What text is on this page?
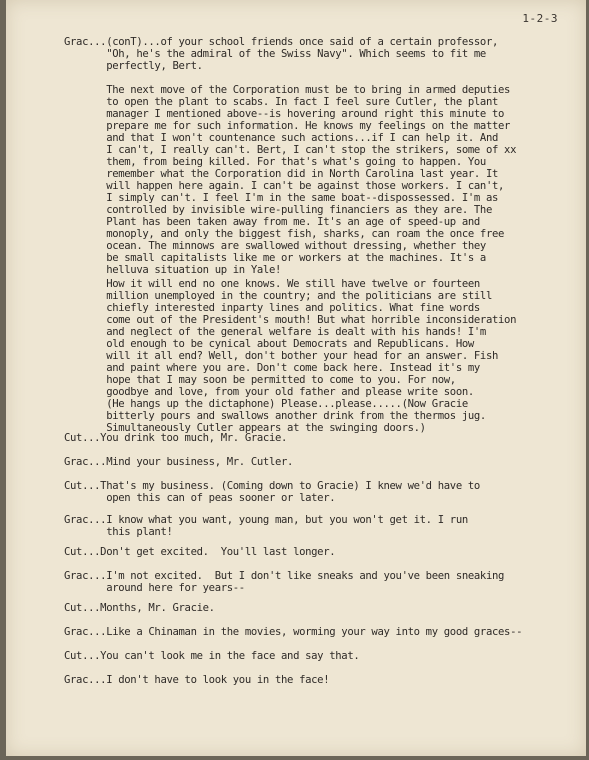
1-2-3
Grac...(conT)...of your school friends once said of a certain professor,
"Oh, he's the admiral of the Swiss Navy". Which seems to fit me
perfectly, Bert.
The next move of the Corporation must be to bring in armed deputies
to open the plant to scabs. In fact I feel sure Cutler, the plant
manager I mentioned above--is hovering around right this minute to
prepare me for such information. He knows my feelings on the matter
and that I won't countenance such actions...if I can help it. And
I can't, I really can't. Bert, I can't stop the strikers, some of xx
them, from being killed. For that's what's going to happen. You
remember what the Corporation did in North Carolina last year. It
will happen here again. I can't be against those workers. I can't,
I simply can't. I feel I'm in the same boat--dispossessed. I'm as
controlled by invisible wire-pulling financiers as they are. The
Plant has been taken away from me. It's an age of speed-up and
monoply, and only the biggest fish, sharks, can roam the once free
ocean. The minnows are swallowed without dressing, whether they
be small capitalists like me or workers at the machines. It's a
helluva situation up in Yale!
How it will end no one knows. We still have twelve or fourteen
million unemployed in the country; and the politicians are still
chiefly interested inparty lines and politics. What fine words
come out of the President's mouth! But what horrible inconsideration
and neglect of the general welfare is dealt with his hands! I'm
old enough to be cynical about Democrats and Republicans. How
will it all end? Well, don't bother your head for an answer. Fish
and paint where you are. Don't come back here. Instead it's my
hope that I may soon be permitted to come to you. For now,
goodbye and love, from your old father and please write soon.
(He hangs up the dictaphone) Please...please.....(Now Gracie
bitterly pours and swallows another drink from the thermos jug.
Simultaneously Cutler appears at the swinging doors.)
Cut...You drink too much, Mr. Gracie.
Grac...Mind your business, Mr. Cutler.
Cut...That's my business. (Coming down to Gracie) I knew we'd have to
open this can of peas sooner or later.
Grac...I know what you want, young man, but you won't get it. I run
this plant!
Cut...Don't get excited.  You'll last longer.
Grac...I'm not excited.  But I don't like sneaks and you've been sneaking
around here for years--
Cut...Months, Mr. Gracie.
Grac...Like a Chinaman in the movies, worming your way into my good graces--
Cut...You can't look me in the face and say that.
Grac...I don't have to look you in the face!
